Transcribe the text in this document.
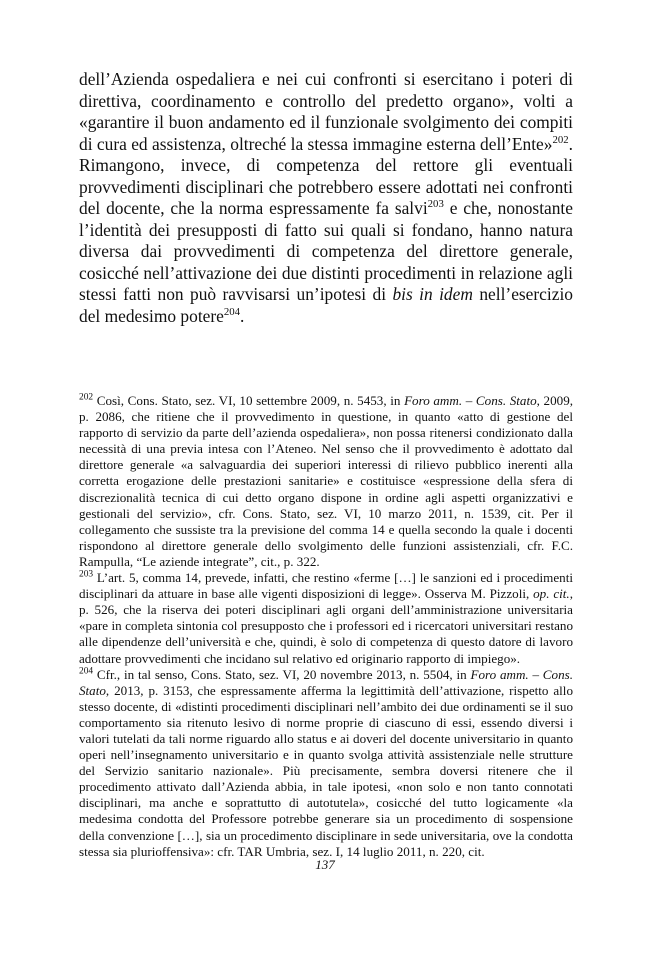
dell’Azienda ospedaliera e nei cui confronti si esercitano i poteri di direttiva, coordinamento e controllo del predetto organo», volti a «garantire il buon andamento ed il funzionale svolgimento dei compiti di cura ed assistenza, oltreché la stessa immagine esterna dell’Ente»$^{202}$. Rimangono, invece, di competenza del rettore gli eventuali provvedimenti disciplinari che potrebbero essere adottati nei confronti del docente, che la norma espressamente fa salvi$^{203}$ e che, nonostante l’identità dei presupposti di fatto sui quali si fondano, hanno natura diversa dai provvedimenti di competenza del direttore generale, cosicché nell’attivazione dei due distinti procedimenti in relazione agli stessi fatti non può ravvisarsi un’ipotesi di bis in idem nell’esercizio del medesimo potere$^{204}$.

$^{202}$ Così, Cons. Stato, sez. VI, 10 settembre 2009, n. 5453, in Foro amm. – Cons. Stato, 2009, p. 2086, che ritiene che il provvedimento in questione, in quanto «atto di gestione del rapporto di servizio da parte dell’azienda ospedaliera», non possa ritenersi condizionato dalla necessità di una previa intesa con l’Ateneo. Nel senso che il provvedimento è adottato dal direttore generale «a salvaguardia dei superiori interessi di rilievo pubblico inerenti alla corretta erogazione delle prestazioni sanitarie» e costituisce «espressione della sfera di discrezionalità tecnica di cui detto organo dispone in ordine agli aspetti organizzativi e gestionali del servizio», cfr. Cons. Stato, sez. VI, 10 marzo 2011, n. 1539, cit. Per il collegamento che sussiste tra la previsione del comma 14 e quella secondo la quale i docenti rispondono al direttore generale dello svolgimento delle funzioni assistenziali, cfr. F.C. Rampulla, “Le aziende integrate”, cit., p. 322.

$^{203}$ L’art. 5, comma 14, prevede, infatti, che restino «ferme […] le sanzioni ed i procedimenti disciplinari da attuare in base alle vigenti disposizioni di legge». Osserva M. Pizzoli, op. cit., p. 526, che la riserva dei poteri disciplinari agli organi dell’amministrazione universitaria «pare in completa sintonia col presupposto che i professori ed i ricercatori universitari restano alle dipendenze dell’università e che, quindi, è solo di competenza di questo datore di lavoro adottare provvedimenti che incidano sul relativo ed originario rapporto di impiego».

$^{204}$ Cfr., in tal senso, Cons. Stato, sez. VI, 20 novembre 2013, n. 5504, in Foro amm. – Cons. Stato, 2013, p. 3153, che espressamente afferma la legittimità dell’attivazione, rispetto allo stesso docente, di «distinti procedimenti disciplinari nell’ambito dei due ordinamenti se il suo comportamento sia ritenuto lesivo di norme proprie di ciascuno di essi, essendo diversi i valori tutelati da tali norme riguardo allo status e ai doveri del docente universitario in quanto operi nell’insegnamento universitario e in quanto svolga attività assistenziale nelle strutture del Servizio sanitario nazionale». Più precisamente, sembra doversi ritenere che il procedimento attivato dall’Azienda abbia, in tale ipotesi, «non solo e non tanto connotati disciplinari, ma anche e soprattutto di autotutela», cosicché del tutto logicamente «la medesima condotta del Professore potrebbe generare sia un procedimento di sospensione della convenzione […], sia un procedimento disciplinare in sede universitaria, ove la condotta stessa sia plurioffensiva»: cfr. TAR Umbria, sez. I, 14 luglio 2011, n. 220, cit.

137
